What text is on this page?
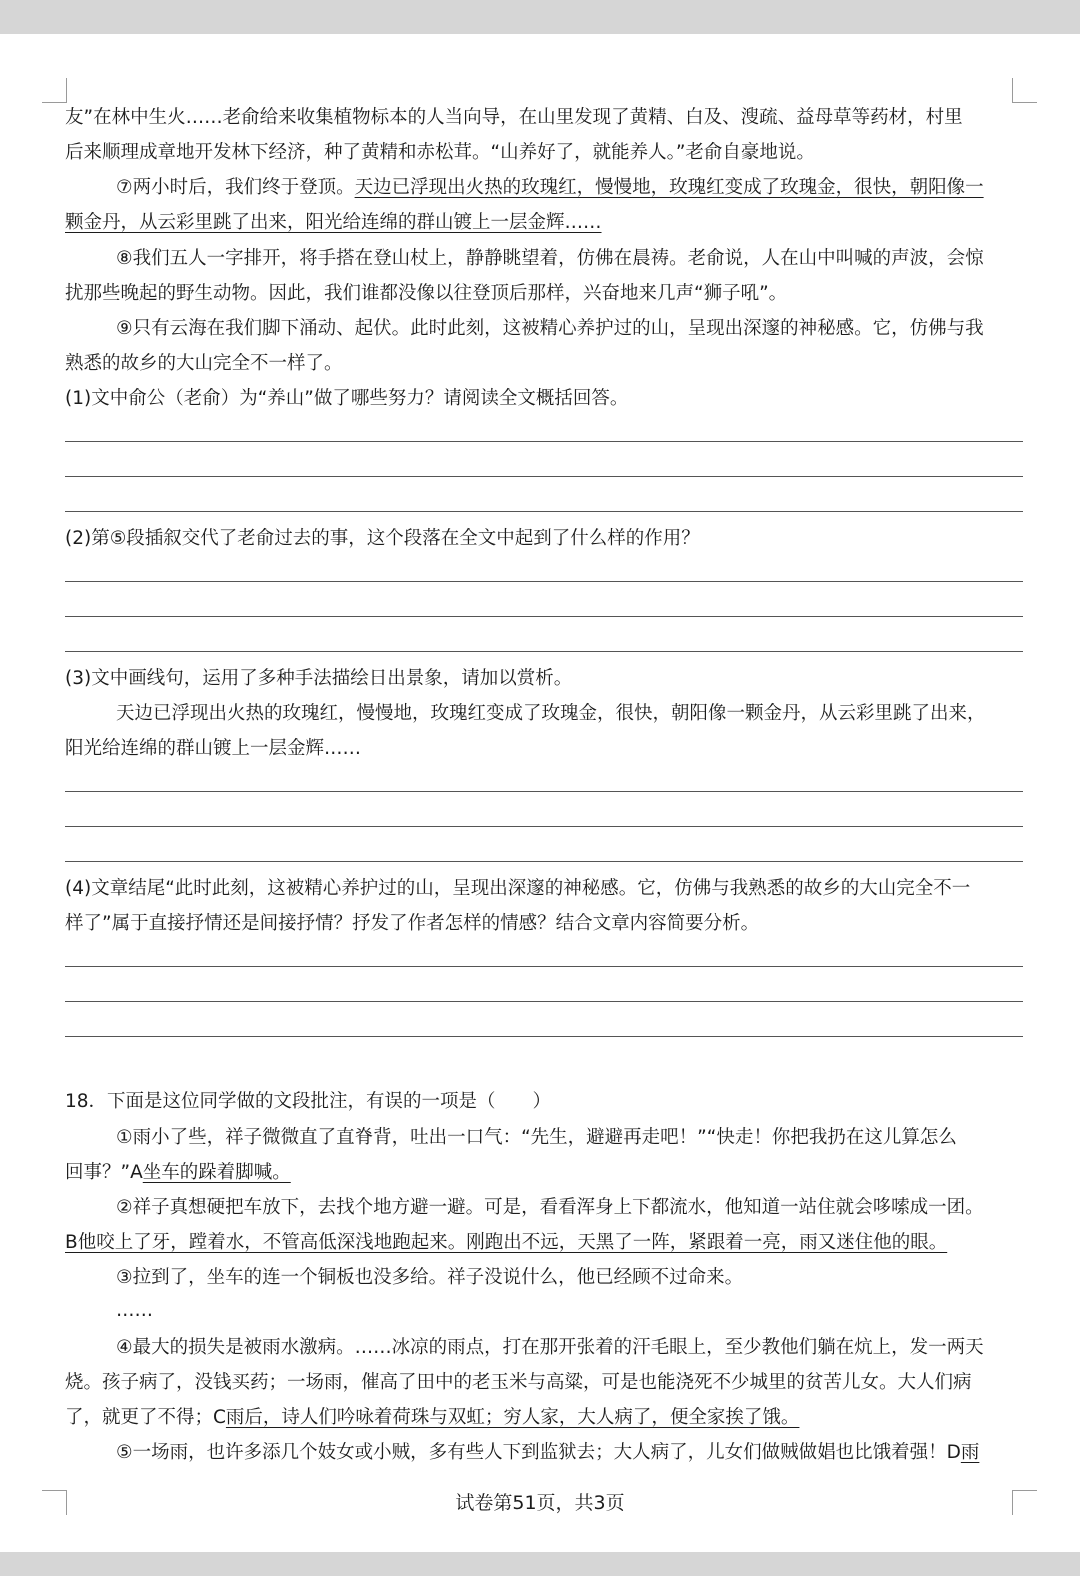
友”在林中生火……老俞给来收集植物标本的人当向导，在山里发现了黄精、白及、溲疏、益母草等药材，村里
后来顺理成章地开发林下经济，种了黄精和赤松茸。“山养好了，就能养人。”老俞自豪地说。
⑦两小时后，我们终于登顶。天边已浮现出火热的玫瑰红，慢慢地，玫瑰红变成了玫瑰金，很快，朝阳像一
颗金丹，从云彩里跳了出来，阳光给连绵的群山镀上一层金辉……
⑧我们五人一字排开，将手搭在登山杖上，静静眺望着，仿佛在晨祷。老俞说，人在山中叫喊的声波，会惊
扰那些晚起的野生动物。因此，我们谁都没像以往登顶后那样，兴奋地来几声“狮子吼”。
⑨只有云海在我们脚下涌动、起伏。此时此刻，这被精心养护过的山，呈现出深邃的神秘感。它，仿佛与我
熟悉的故乡的大山完全不一样了。
(1)文中俞公（老俞）为“养山”做了哪些努力？请阅读全文概括回答。
(2)第⑤段插叙交代了老俞过去的事，这个段落在全文中起到了什么样的作用？
(3)文中画线句，运用了多种手法描绘日出景象，请加以赏析。
天边已浮现出火热的玫瑰红，慢慢地，玫瑰红变成了玫瑰金，很快，朝阳像一颗金丹，从云彩里跳了出来，
阳光给连绵的群山镀上一层金辉……
(4)文章结尾“此时此刻，这被精心养护过的山，呈现出深邃的神秘感。它，仿佛与我熟悉的故乡的大山完全不一
样了”属于直接抒情还是间接抒情？抒发了作者怎样的情感？结合文章内容简要分析。
18．下面是这位同学做的文段批注，有误的一项是（　　）
①雨小了些，祥子微微直了直脊背，吐出一口气：“先生，避避再走吧！”“快走！你把我扔在这儿算怎么
回事？”A坐车的跺着脚喊。
②祥子真想硬把车放下，去找个地方避一避。可是，看看浑身上下都流水，他知道一站住就会哆嗦成一团。
B他咬上了牙，蹚着水，不管高低深浅地跑起来。刚跑出不远，天黑了一阵，紧跟着一亮，雨又迷住他的眼。
③拉到了，坐车的连一个铜板也没多给。祥子没说什么，他已经顾不过命来。
……
④最大的损失是被雨水激病。……冰凉的雨点，打在那开张着的汗毛眼上，至少教他们躺在炕上，发一两天
烧。孩子病了，没钱买药；一场雨，催高了田中的老玉米与高粱，可是也能浇死不少城里的贫苦儿女。大人们病
了，就更了不得；C雨后，诗人们吟咏着荷珠与双虹；穷人家，大人病了，便全家挨了饿。
⑤一场雨，也许多添几个妓女或小贼，多有些人下到监狱去；大人病了，儿女们做贼做娼也比饿着强！D雨
试卷第51页，共3页
